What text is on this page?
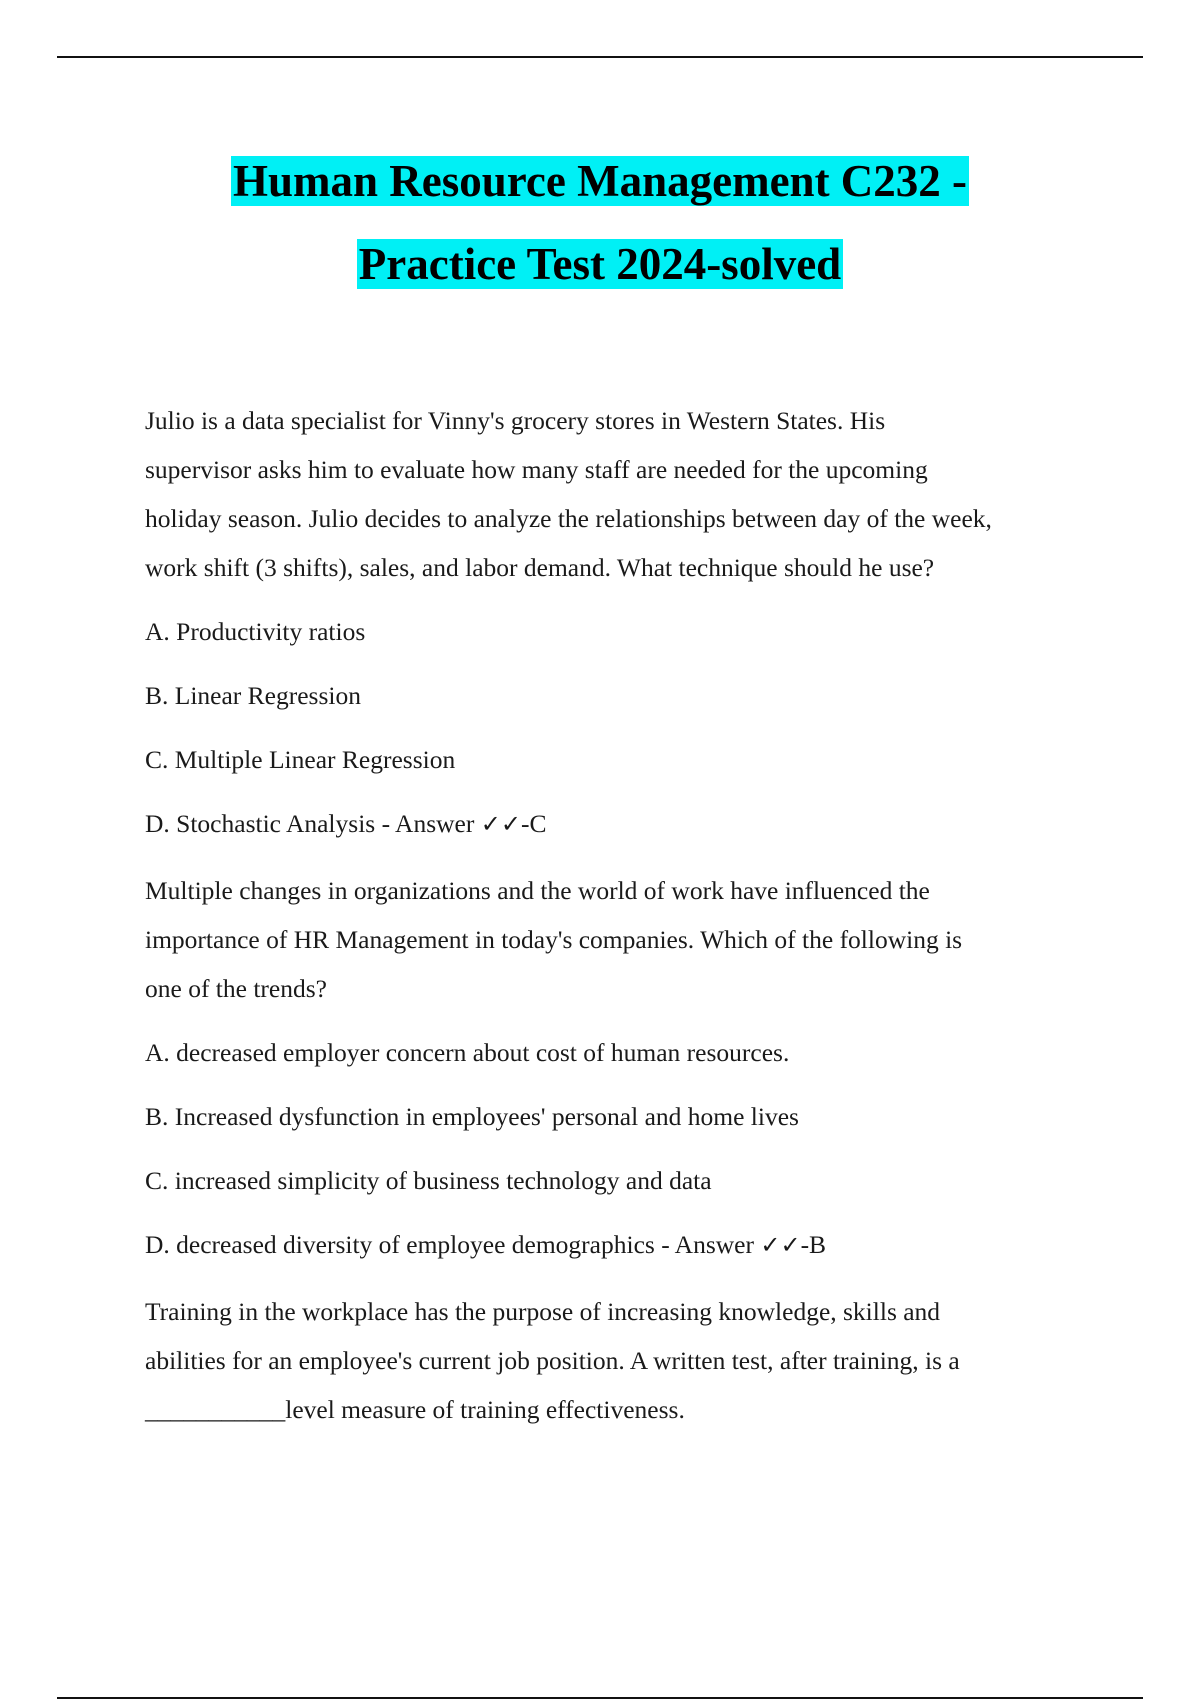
Human Resource Management C232 -
Practice Test 2024-solved
Julio is a data specialist for Vinny's grocery stores in Western States. His
supervisor asks him to evaluate how many staff are needed for the upcoming
holiday season. Julio decides to analyze the relationships between day of the week,
work shift (3 shifts), sales, and labor demand. What technique should he use?
A. Productivity ratios
B. Linear Regression
C. Multiple Linear Regression
D. Stochastic Analysis - Answer ✓✓-C
Multiple changes in organizations and the world of work have influenced the
importance of HR Management in today's companies. Which of the following is
one of the trends?
A. decreased employer concern about cost of human resources.
B. Increased dysfunction in employees' personal and home lives
C. increased simplicity of business technology and data
D. decreased diversity of employee demographics - Answer ✓✓-B
Training in the workplace has the purpose of increasing knowledge, skills and
abilities for an employee's current job position. A written test, after training, is a
___________level measure of training effectiveness.
